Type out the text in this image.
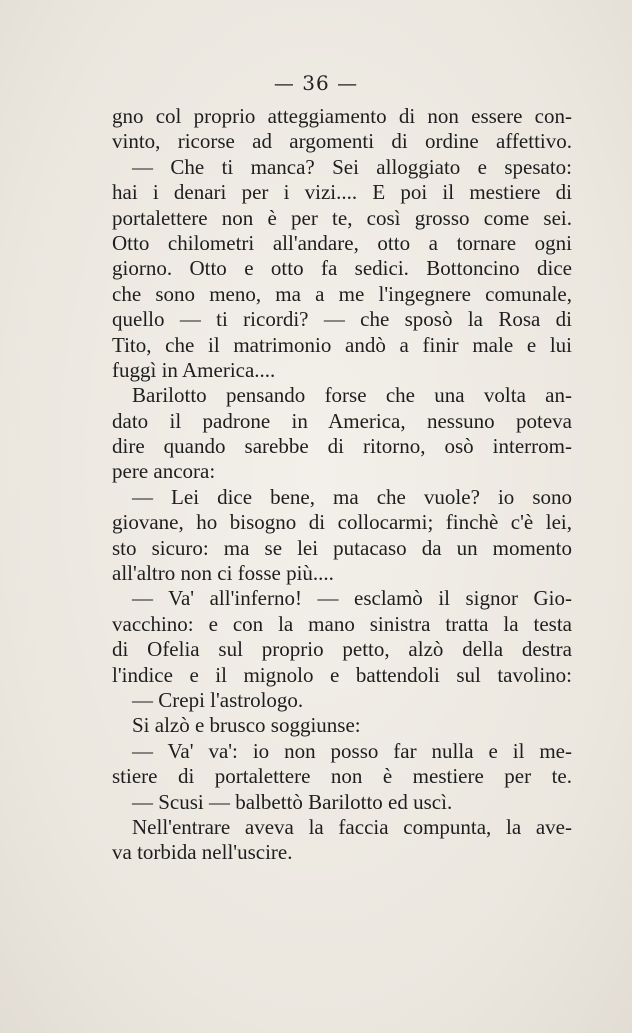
— 36 —
gno col proprio atteggiamento di non essere con-
vinto, ricorse ad argomenti di ordine affettivo.
— Che ti manca? Sei alloggiato e spesato:
hai i denari per i vizi.... E poi il mestiere di
portalettere non è per te, così grosso come sei.
Otto chilometri all'andare, otto a tornare ogni
giorno. Otto e otto fa sedici. Bottoncino dice
che sono meno, ma a me l'ingegnere comunale,
quello — ti ricordi? — che sposò la Rosa di
Tito, che il matrimonio andò a finir male e lui
fuggì in America....
Barilotto pensando forse che una volta an-
dato il padrone in America, nessuno poteva
dire quando sarebbe di ritorno, osò interrom-
pere ancora:
— Lei dice bene, ma che vuole? io sono
giovane, ho bisogno di collocarmi; finchè c'è lei,
sto sicuro: ma se lei putacaso da un momento
all'altro non ci fosse più....
— Va' all'inferno! — esclamò il signor Gio-
vacchino: e con la mano sinistra tratta la testa
di Ofelia sul proprio petto, alzò della destra
l'indice e il mignolo e battendoli sul tavolino:
— Crepi l'astrologo.
Si alzò e brusco soggiunse:
— Va' va': io non posso far nulla e il me-
stiere di portalettere non è mestiere per te.
— Scusi — balbettò Barilotto ed uscì.
Nell'entrare aveva la faccia compunta, la ave-
va torbida nell'uscire.
